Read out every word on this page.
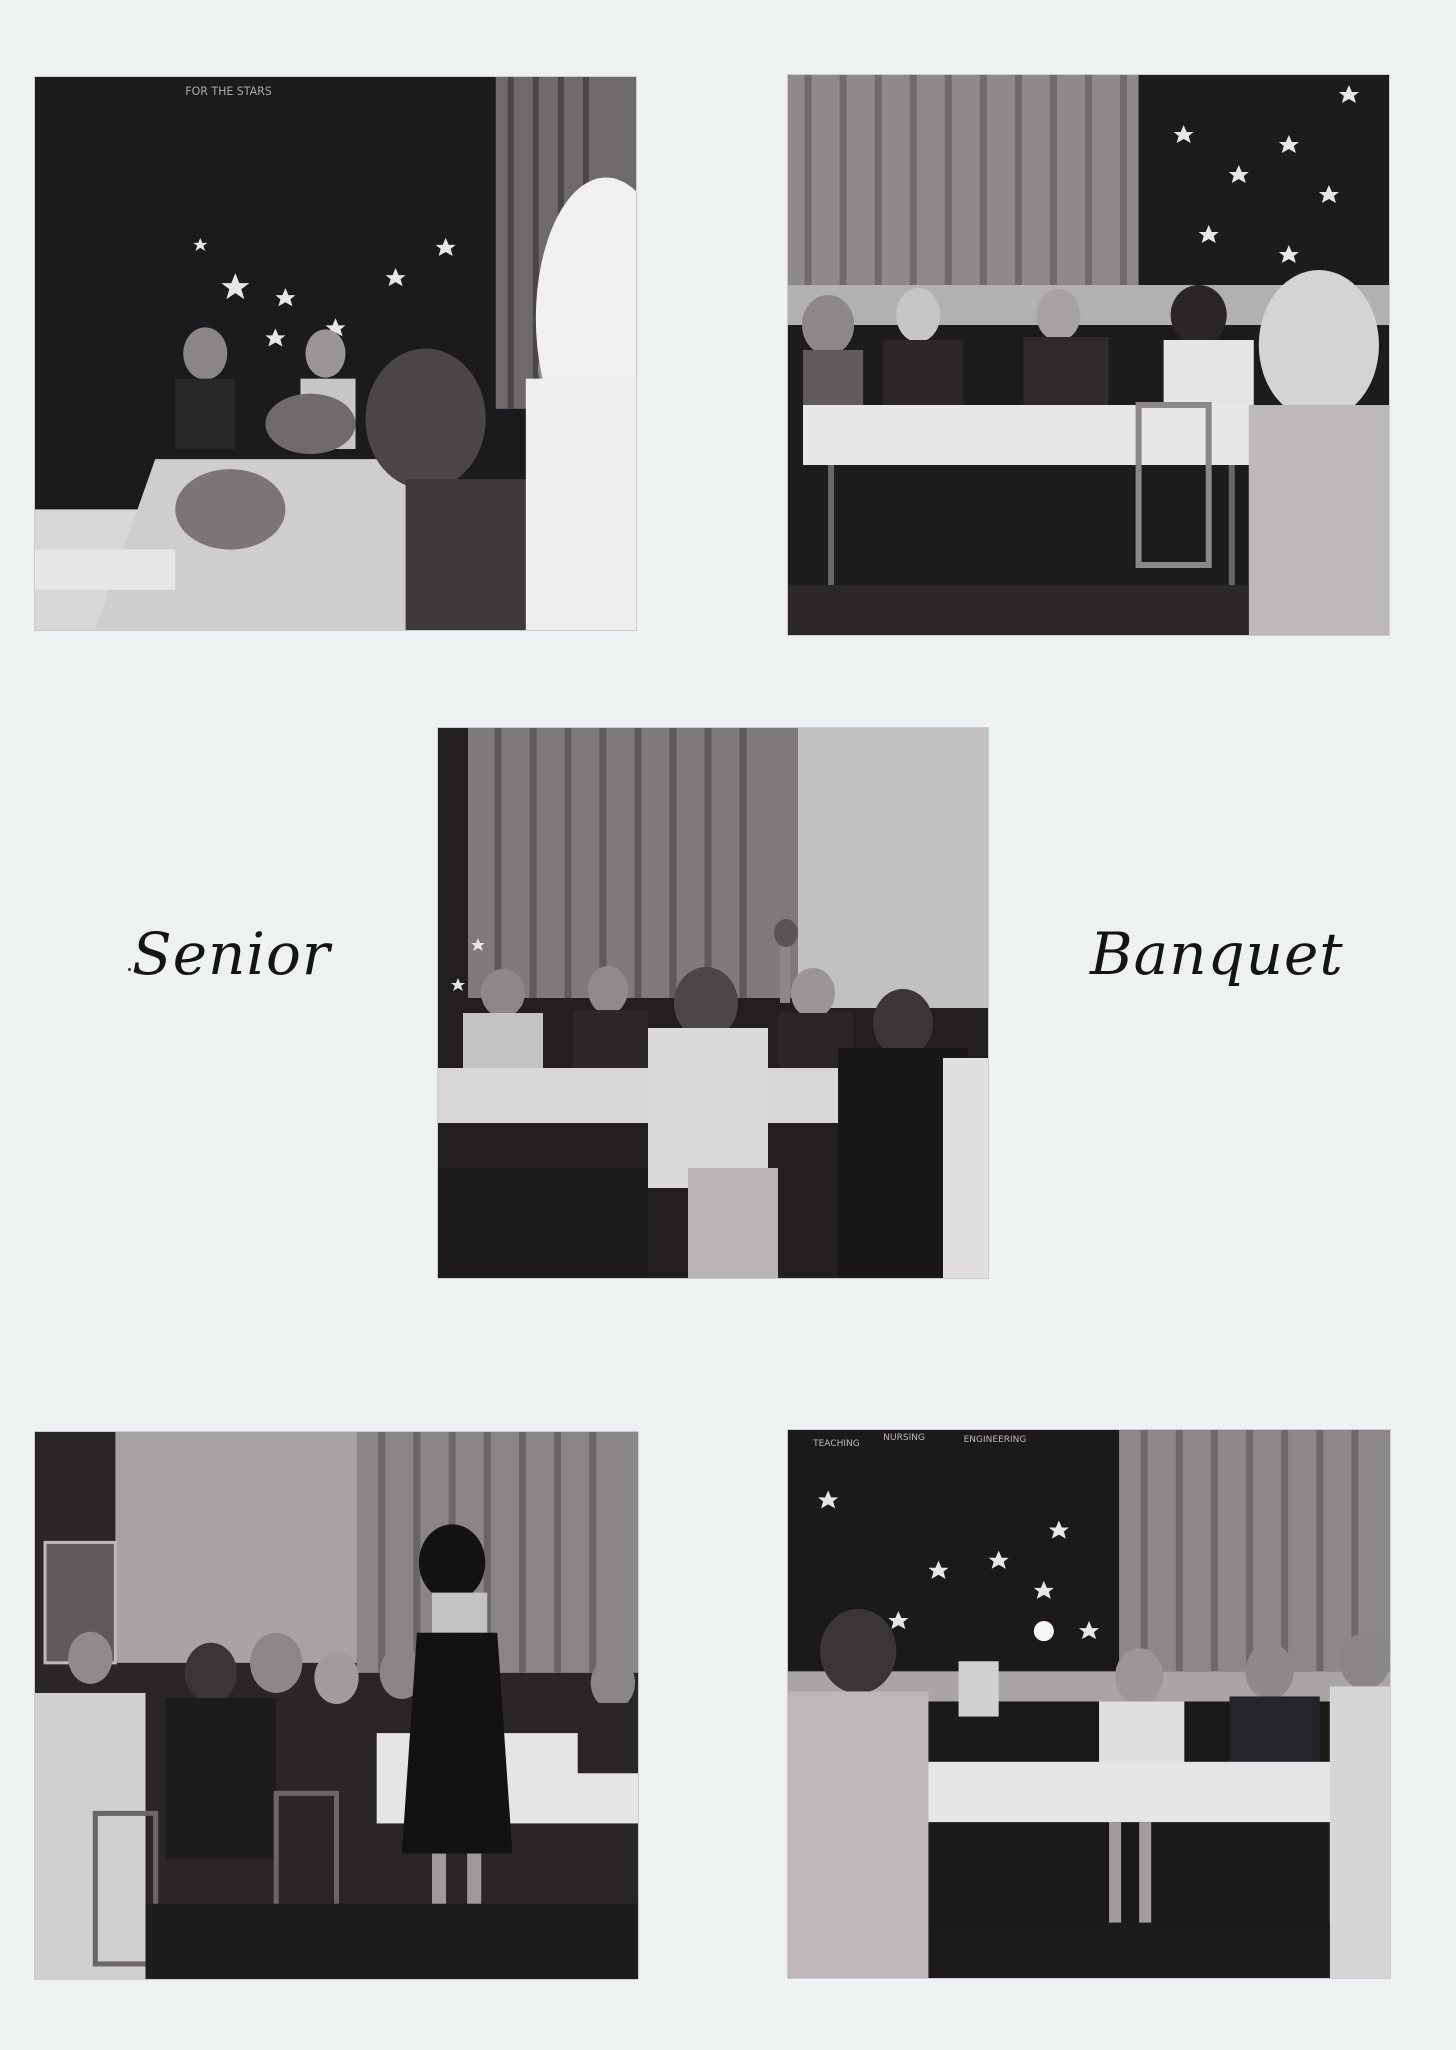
FOR THE STARS
TEACHING
NURSING	ENGINEERING
Senior	Banquet
